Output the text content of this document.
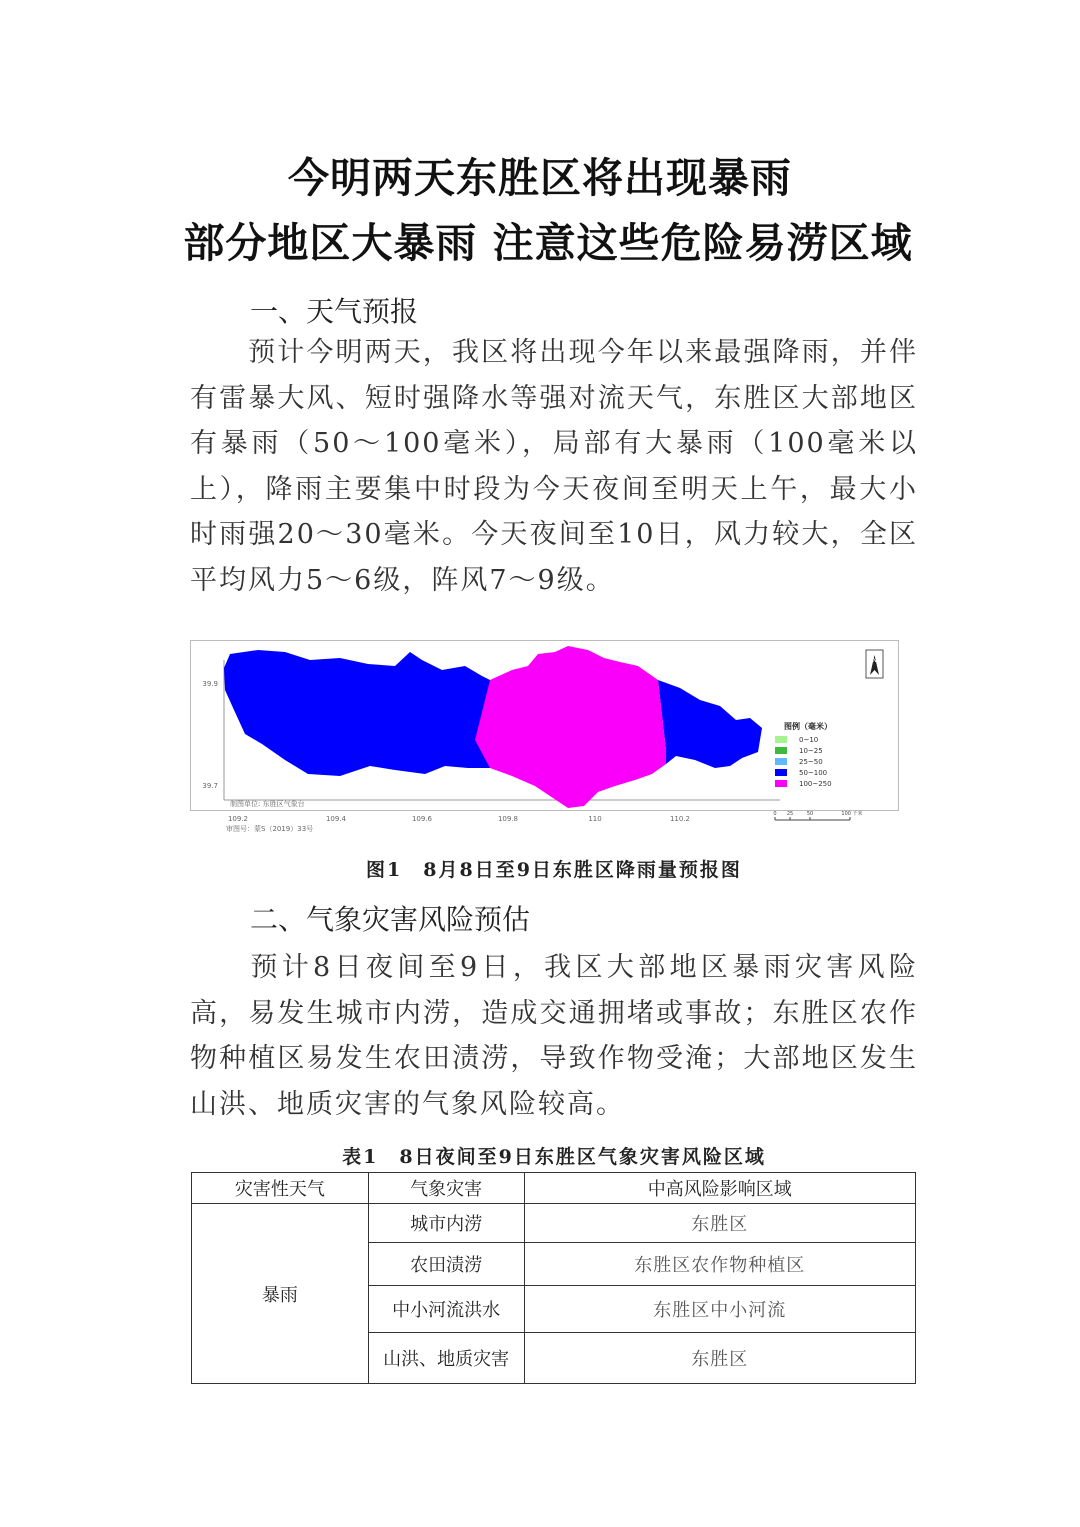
今明两天东胜区将出现暴雨
部分地区大暴雨 注意这些危险易涝区域
一、天气预报
预计今明两天，我区将出现今年以来最强降雨，并伴有雷暴大风、短时强降水等强对流天气，东胜区大部地区有暴雨（50～100毫米），局部有大暴雨（100毫米以上），降雨主要集中时段为今天夜间至明天上午，最大小时雨强20～30毫米。今天夜间至10日，风力较大，全区平均风力5～6级，阵风7～9级。
39.9
39.7
109.2	109.4	109.6	109.8	110	110.2
制图单位: 东胜区气象台
审图号：蒙S（2019）33号
N
图例（毫米）
0~10
10~25
25~50
50~100
100~250
0 25	50	100 千米
图1　8月8日至9日东胜区降雨量预报图
二、气象灾害风险预估
预计8日夜间至9日，我区大部地区暴雨灾害风险高，易发生城市内涝，造成交通拥堵或事故；东胜区农作物种植区易发生农田渍涝，导致作物受淹；大部地区发生山洪、地质灾害的气象风险较高。
表1　8日夜间至9日东胜区气象灾害风险区域
灾害性天气	气象灾害	中高风险影响区域
暴雨	城市内涝	东胜区
	农田渍涝	东胜区农作物种植区
	中小河流洪水	东胜区中小河流
	山洪、地质灾害	东胜区
